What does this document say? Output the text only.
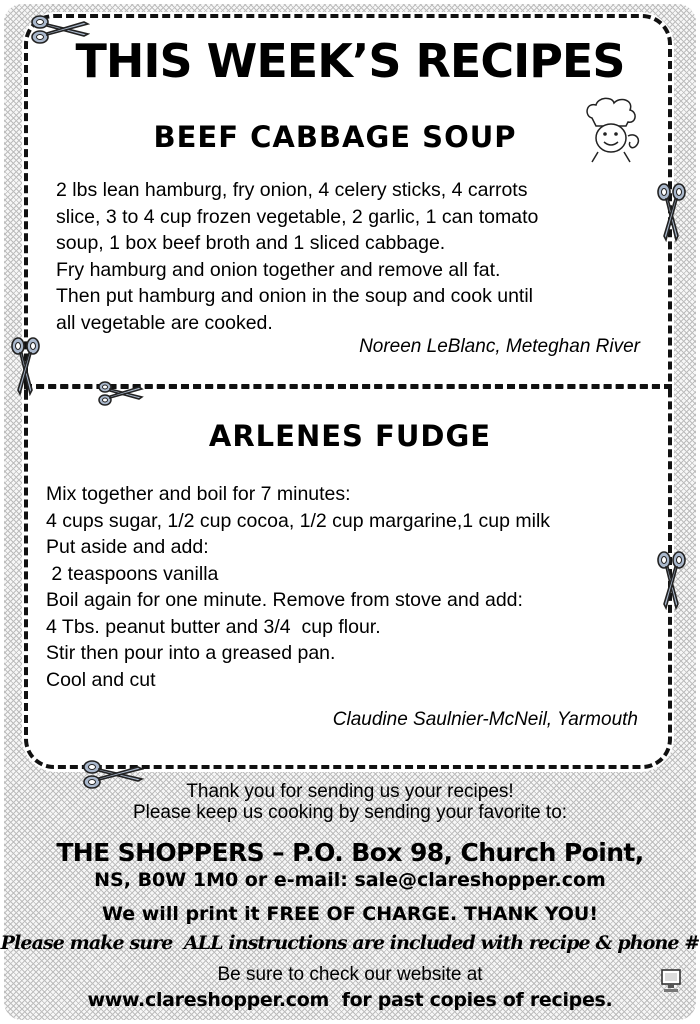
THIS WEEK’S RECIPES
BEEF CABBAGE SOUP
2 lbs lean hamburg, fry onion, 4 celery sticks, 4 carrots
slice, 3 to 4 cup frozen vegetable, 2 garlic, 1 can tomato
soup, 1 box beef broth and 1 sliced cabbage.
Fry hamburg and onion together and remove all fat.
Then put hamburg and onion in the soup and cook until
all vegetable are cooked.
Noreen LeBlanc, Meteghan River
ARLENES FUDGE
Mix together and boil for 7 minutes:
4 cups sugar, 1/2 cup cocoa, 1/2 cup margarine,1 cup milk
Put aside and add:
2 teaspoons vanilla
Boil again for one minute. Remove from stove and add:
4 Tbs. peanut butter and 3/4  cup flour.
Stir then pour into a greased pan.
Cool and cut
Claudine Saulnier-McNeil, Yarmouth
Thank you for sending us your recipes!
Please keep us cooking by sending your favorite to:
THE SHOPPERS – P.O. Box 98, Church Point,
NS, B0W 1M0 or e-mail: sale@clareshopper.com
We will print it FREE OF CHARGE. THANK YOU!
Please make sure  ALL instructions are included with recipe & phone #
Be sure to check our website at
www.clareshopper.com  for past copies of recipes.
